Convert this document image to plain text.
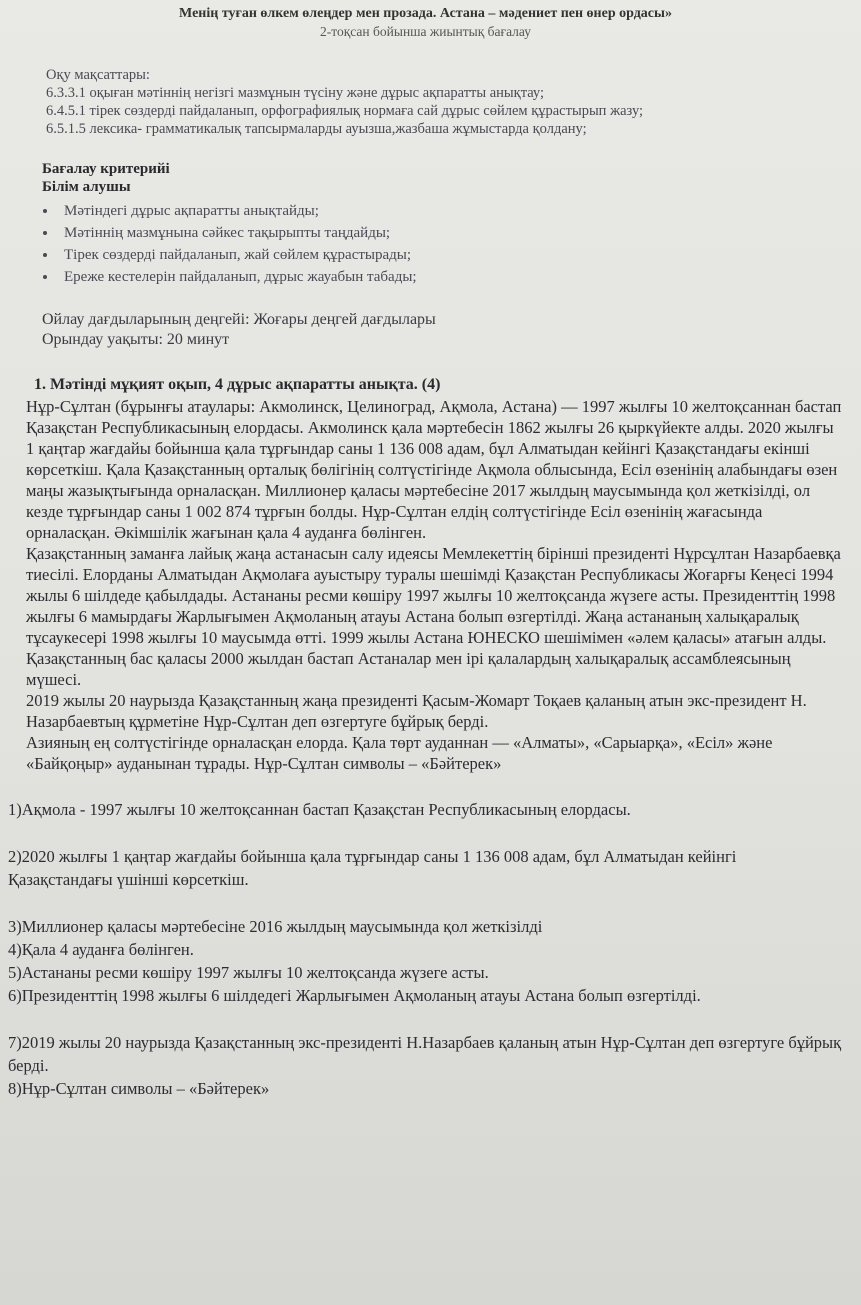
Менің туған өлкем өлеңдер мен прозада. Астана – мәдениет пен өнер ордасы»
2-тоқсан бойынша жиынтық бағалау
Оқу мақсаттары:
6.3.3.1 оқыған мәтіннің негізгі мазмұнын түсіну және дұрыс ақпаратты анықтау;
6.4.5.1 тірек сөздерді пайдаланып, орфографиялық нормаға сай дұрыс сөйлем құрастырып жазу;
6.5.1.5 лексика- грамматикалық тапсырмаларды ауызша,жазбаша жұмыстарда қолдану;
Бағалау критерийі
Білім алушы
• Мәтіндегі дұрыс ақпаратты анықтайды;
• Мәтіннің мазмұнына сәйкес тақырыпты таңдайды;
• Тірек сөздерді пайдаланып, жай сөйлем құрастырады;
• Ереже кестелерін пайдаланып, дұрыс жауабын табады;
Ойлау дағдыларының деңгейі: Жоғары деңгей дағдылары
Орындау уақыты: 20 минут
1. Мәтінді мұқият оқып, 4 дұрыс ақпаратты анықта. (4)

Нұр-Сұлтан (бұрынғы атаулары: Акмолинск, Целиноград, Ақмола, Астана) — 1997 жылғы 10 желтоқсаннан бастап Қазақстан Республикасының елордасы. Акмолинск қала мәртебесін 1862 жылғы 26 қыркүйекте алды. 2020 жылғы 1 қаңтар жағдайы бойынша қала тұрғындар саны 1 136 008 адам, бұл Алматыдан кейінгі Қазақстандағы екінші көрсеткіш. Қала Қазақстанның орталық бөлігінің солтүстігінде Ақмола облысында, Есіл өзенінің алабындағы өзен маңы жазықтығында орналасқан. Миллионер қаласы мәртебесіне 2017 жылдың маусымында қол жеткізілді, ол кезде тұрғындар саны 1 002 874 тұрғын болды. Нұр-Сұлтан елдің солтүстігінде Есіл өзенінің жағасында орналасқан. Әкімшілік жағынан қала 4 ауданға бөлінген.

Қазақстанның заманға лайық жаңа астанасын салу идеясы Мемлекеттің бірінші президенті Нұрсұлтан Назарбаевқа тиесілі. Елорданы Алматыдан Ақмолаға ауыстыру туралы шешімді Қазақстан Республикасы Жоғарғы Кеңесі 1994 жылы 6 шілдеде қабылдады. Астананы ресми көшіру 1997 жылғы 10 желтоқсанда жүзеге асты. Президенттің 1998 жылғы 6 мамырдағы Жарлығымен Ақмоланың атауы Астана болып өзгертілді. Жаңа астананың халықаралық тұсаукесері 1998 жылғы 10 маусымда өтті. 1999 жылы Астана ЮНЕСКО шешімімен «әлем қаласы» атағын алды. Қазақстанның бас қаласы 2000 жылдан бастап Астаналар мен ірі қалалардың халықаралық ассамблеясының мүшесі.

2019 жылы 20 наурызда Қазақстанның жаңа президенті Қасым-Жомарт Тоқаев қаланың атын экс-президент Н. Назарбаевтың құрметіне Нұр-Сұлтан деп өзгертуге бұйрық берді.

Азияның ең солтүстігінде орналасқан елорда. Қала төрт ауданнан — «Алматы», «Сарыарқа», «Есіл» және «Байқоңыр» ауданынан тұрады. Нұр-Сұлтан символы – «Бәйтерек»

1)Ақмола - 1997 жылғы 10 желтоқсаннан бастап Қазақстан Республикасының елордасы.

2)2020 жылғы 1 қаңтар жағдайы бойынша қала тұрғындар саны 1 136 008 адам, бұл Алматыдан кейінгі Қазақстандағы үшінші көрсеткіш.

3)Миллионер қаласы мәртебесіне 2016 жылдың маусымында қол жеткізілді

4)Қала 4 ауданға бөлінген.

5)Астананы ресми көшіру 1997 жылғы 10 желтоқсанда жүзеге асты.

6)Президенттің 1998 жылғы 6 шілдедегі Жарлығымен Ақмоланың атауы Астана болып өзгертілді.

7)2019 жылы 20 наурызда Қазақстанның экс-президенті Н.Назарбаев қаланың атын Нұр-Сұлтан деп өзгертуге бұйрық берді.

8)Нұр-Сұлтан символы – «Бәйтерек»
